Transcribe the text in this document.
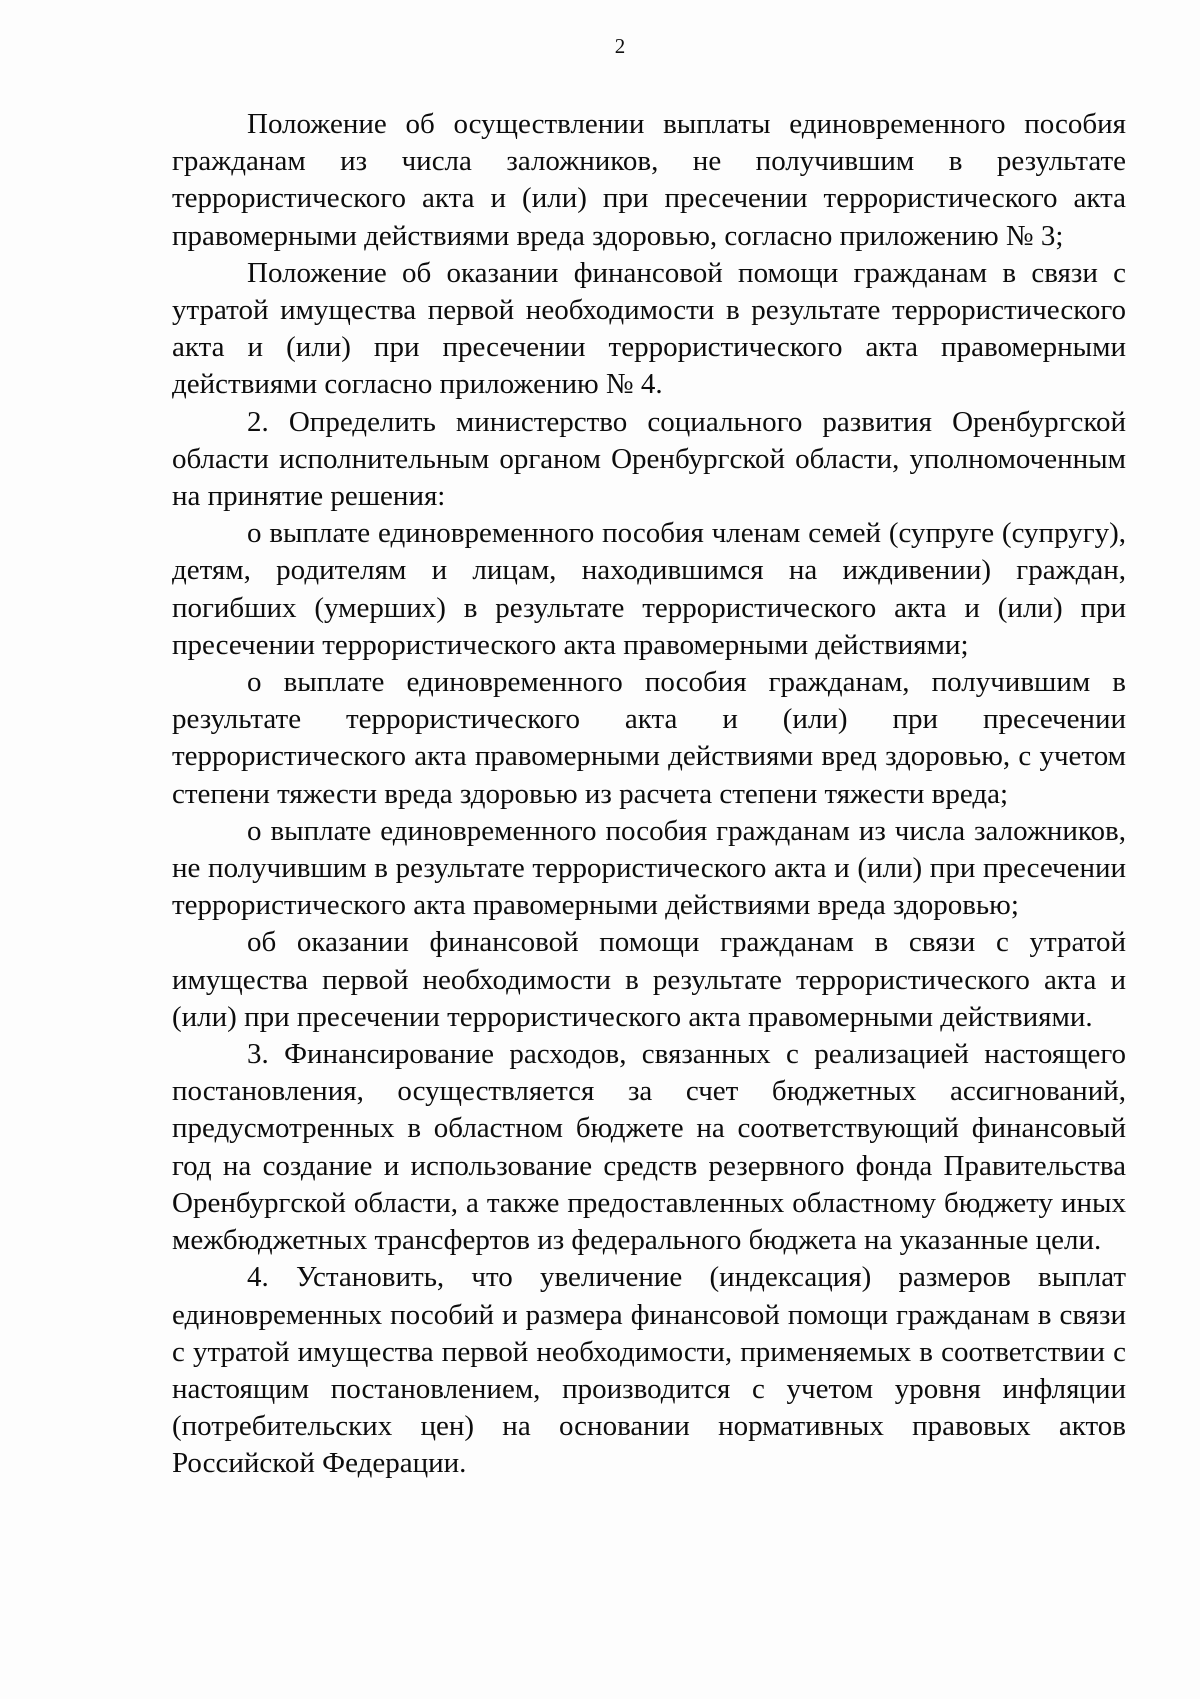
2

Положение об осуществлении выплаты единовременного пособия гражданам из числа заложников, не получившим в результате террористического акта и (или) при пресечении террористического акта правомерными действиями вреда здоровью, согласно приложению № 3;

Положение об оказании финансовой помощи гражданам в связи с утратой имущества первой необходимости в результате террористического акта и (или) при пресечении террористического акта правомерными действиями согласно приложению № 4.

2. Определить министерство социального развития Оренбургской области исполнительным органом Оренбургской области, уполномоченным на принятие решения:

о выплате единовременного пособия членам семей (супруге (супругу), детям, родителям и лицам, находившимся на иждивении) граждан, погибших (умерших) в результате террористического акта и (или) при пресечении террористического акта правомерными действиями;

о выплате единовременного пособия гражданам, получившим в результате террористического акта и (или) при пресечении террористического акта правомерными действиями вред здоровью, с учетом степени тяжести вреда здоровью из расчета степени тяжести вреда;

о выплате единовременного пособия гражданам из числа заложников, не получившим в результате террористического акта и (или) при пресечении террористического акта правомерными действиями вреда здоровью;

об оказании финансовой помощи гражданам в связи с утратой имущества первой необходимости в результате террористического акта и (или) при пресечении террористического акта правомерными действиями.

3. Финансирование расходов, связанных с реализацией настоящего постановления, осуществляется за счет бюджетных ассигнований, предусмотренных в областном бюджете на соответствующий финансовый год на создание и использование средств резервного фонда Правительства Оренбургской области, а также предоставленных областному бюджету иных межбюджетных трансфертов из федерального бюджета на указанные цели.

4. Установить, что увеличение (индексация) размеров выплат единовременных пособий и размера финансовой помощи гражданам в связи с утратой имущества первой необходимости, применяемых в соответствии с настоящим постановлением, производится с учетом уровня инфляции (потребительских цен) на основании нормативных правовых актов Российской Федерации.
